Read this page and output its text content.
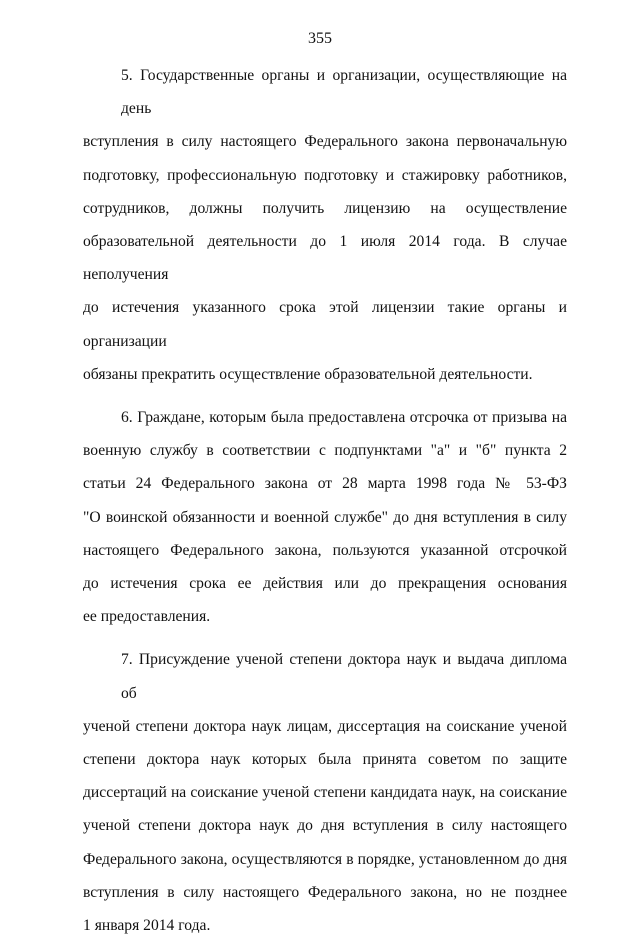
355

5. Государственные органы и организации, осуществляющие на день
вступления в силу настоящего Федерального закона первоначальную
подготовку, профессиональную подготовку и стажировку работников,
сотрудников, должны получить лицензию на осуществление
образовательной деятельности до 1 июля 2014 года. В случае неполучения
до истечения указанного срока этой лицензии такие органы и организации
обязаны прекратить осуществление образовательной деятельности.

6. Граждане, которым была предоставлена отсрочка от призыва на
военную службу в соответствии с подпунктами "а" и "б" пункта 2
статьи 24 Федерального закона от 28 марта 1998 года № 53-ФЗ
"О воинской обязанности и военной службе" до дня вступления в силу
настоящего Федерального закона, пользуются указанной отсрочкой
до истечения срока ее действия или до прекращения основания
ее предоставления.

7. Присуждение ученой степени доктора наук и выдача диплома об
ученой степени доктора наук лицам, диссертация на соискание ученой
степени доктора наук которых была принята советом по защите
диссертаций на соискание ученой степени кандидата наук, на соискание
ученой степени доктора наук до дня вступления в силу настоящего
Федерального закона, осуществляются в порядке, установленном до дня
вступления в силу настоящего Федерального закона, но не позднее
1 января 2014 года.
